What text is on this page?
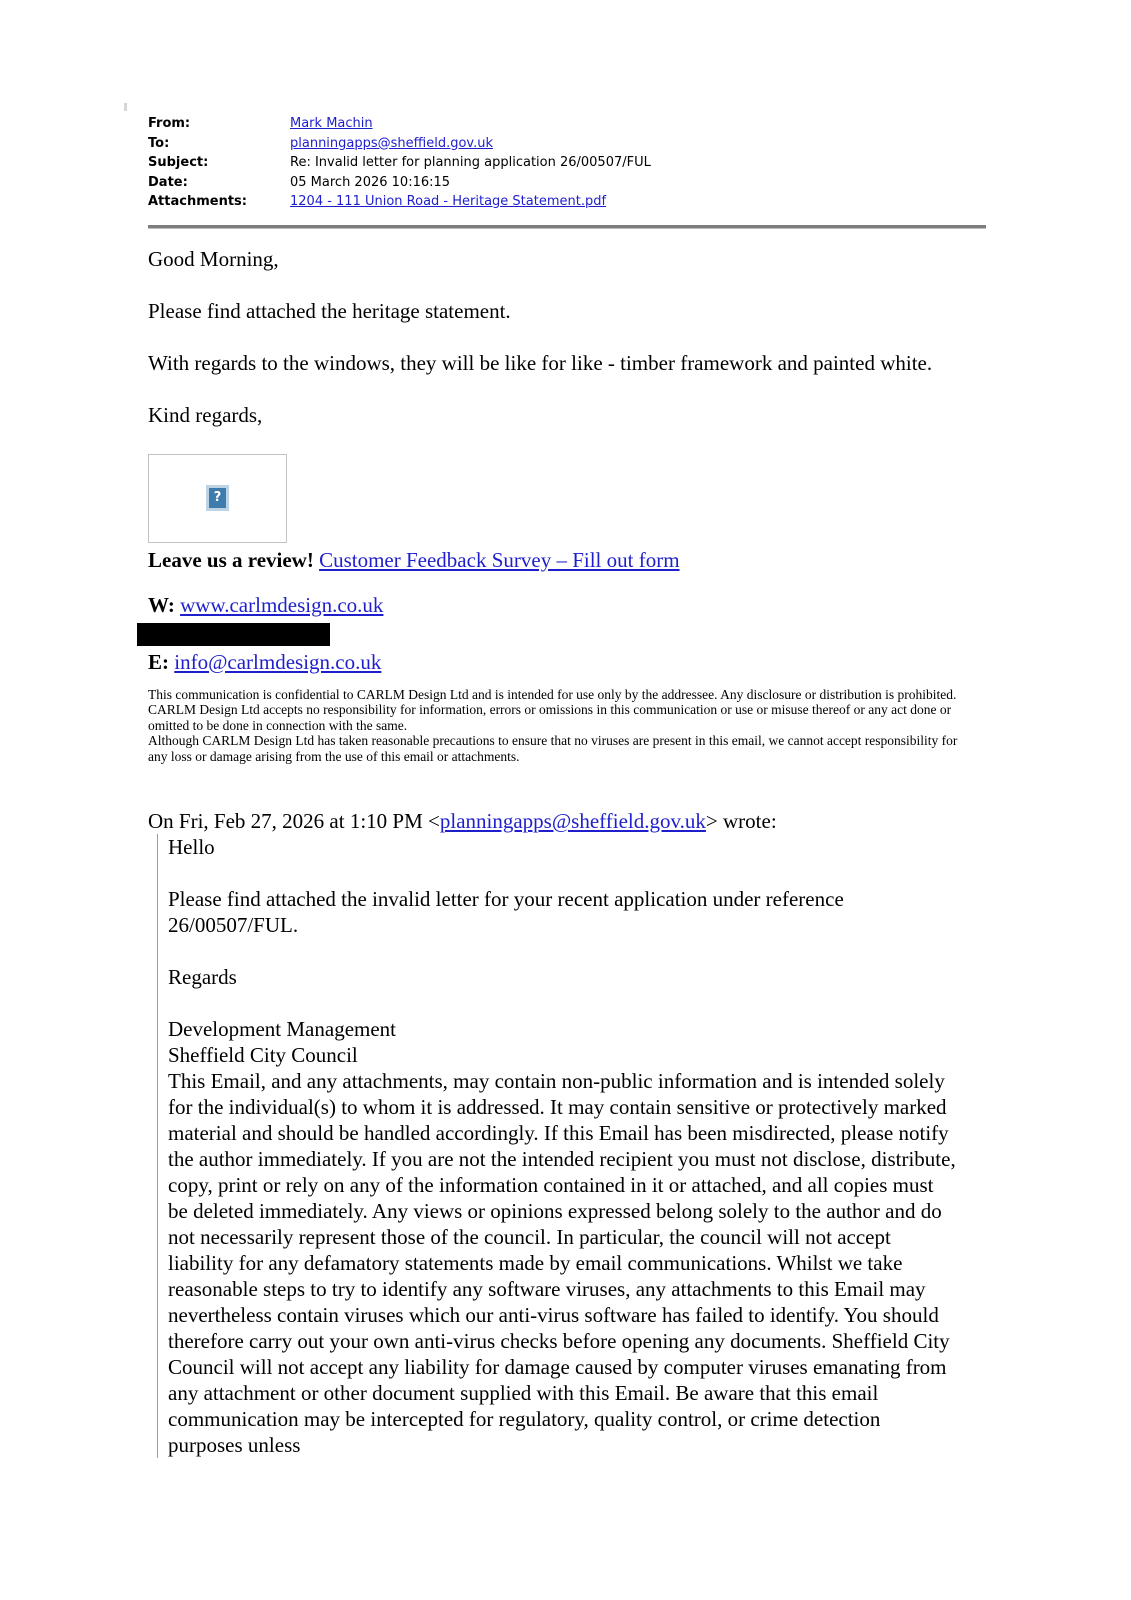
From:	Mark Machin
To:	planningapps@sheffield.gov.uk
Subject:	Re: Invalid letter for planning application 26/00507/FUL
Date:	05 March 2026 10:16:15
Attachments:	1204 - 111 Union Road - Heritage Statement.pdf

Good Morning,

Please find attached the heritage statement.

With regards to the windows, they will be like for like - timber framework and painted white.

Kind regards,

?

Leave us a review! Customer Feedback Survey – Fill out form

W: www.carlmdesign.co.uk

E: info@carlmdesign.co.uk

This communication is confidential to CARLM Design Ltd and is intended for use only by the addressee. Any disclosure or distribution is prohibited. CARLM Design Ltd accepts no responsibility for information, errors or omissions in this communication or use or misuse thereof or any act done or omitted to be done in connection with the same.
Although CARLM Design Ltd has taken reasonable precautions to ensure that no viruses are present in this email, we cannot accept responsibility for any loss or damage arising from the use of this email or attachments.

On Fri, Feb 27, 2026 at 1:10 PM <planningapps@sheffield.gov.uk> wrote:

Hello

Please find attached the invalid letter for your recent application under reference 26/00507/FUL.

Regards

Development Management
Sheffield City Council
This Email, and any attachments, may contain non-public information and is intended solely for the individual(s) to whom it is addressed. It may contain sensitive or protectively marked material and should be handled accordingly. If this Email has been misdirected, please notify the author immediately. If you are not the intended recipient you must not disclose, distribute, copy, print or rely on any of the information contained in it or attached, and all copies must be deleted immediately. Any views or opinions expressed belong solely to the author and do not necessarily represent those of the council. In particular, the council will not accept liability for any defamatory statements made by email communications. Whilst we take reasonable steps to try to identify any software viruses, any attachments to this Email may nevertheless contain viruses which our anti-virus software has failed to identify. You should therefore carry out your own anti-virus checks before opening any documents. Sheffield City Council will not accept any liability for damage caused by computer viruses emanating from any attachment or other document supplied with this Email. Be aware that this email communication may be intercepted for regulatory, quality control, or crime detection purposes unless
